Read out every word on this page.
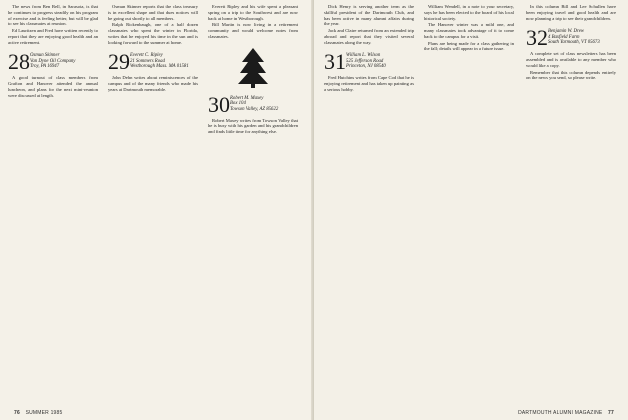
The news from Ben Bell, in Sarasota, is that he continues to progress steadily on his program of exercise and is feeling better, but will be glad to see his classmates at reunion.

Ed Lauritzen and Fred have written recently to report that they are enjoying good health and an active retirement.

28 Osmun Skinner
Van Dyne Oil Company
Troy, PA 16947

A good turnout of class members from Grafton and Hanover attended the annual luncheon, and plans for the next mini-reunion were discussed at length.

Osmun Skinner reports that the class treasury is in excellent shape and that dues notices will be going out shortly to all members.

Ralph Rickenbaugh, one of a half dozen classmates who spent the winter in Florida, writes that he enjoyed his time in the sun and is looking forward to the summer at home.

29 Everett C. Ripley
21 Sommers Road
Westborough Mass. MA 01581

John Dehn writes about reminiscences of the campus and of the many friends who made his years at Dartmouth memorable.

Everett Ripley and his wife spent a pleasant spring on a trip to the Southwest and are now back at home in Westborough.

Bill Martin is now living in a retirement community and would welcome notes from classmates.

30 Robert M. Maxey
Box 104
Towson Valley, AZ 85622

Robert Maxey writes from Towson Valley that he is busy with his garden and his grandchildren and finds little time for anything else.

76 SUMMER 1985

Dick Henry is serving another term as the skillful president of the Dartmouth Club, and has been active in many alumni affairs during the year.

Jack and Claire returned from an extended trip abroad and report that they visited several classmates along the way.

31 William L. Wilson
525 Jefferson Road
Princeton, NJ 08540

Fred Hutchins writes from Cape Cod that he is enjoying retirement and has taken up painting as a serious hobby.

William Wendell, in a note to your secretary, says he has been elected to the board of his local historical society.

The Hanover winter was a mild one, and many classmates took advantage of it to come back to the campus for a visit.

Plans are being made for a class gathering in the fall; details will appear in a future issue.

In this column Bill and Lee Schullen have been enjoying travel and good health and are now planning a trip to see their grandchildren.

32 Benjamin W. Drew
4 Baxfield Farm
South Yarmouth, VT 05673

A complete set of class newsletters has been assembled and is available to any member who would like a copy.

Remember that this column depends entirely on the news you send, so please write.

DARTMOUTH ALUMNI MAGAZINE 77
